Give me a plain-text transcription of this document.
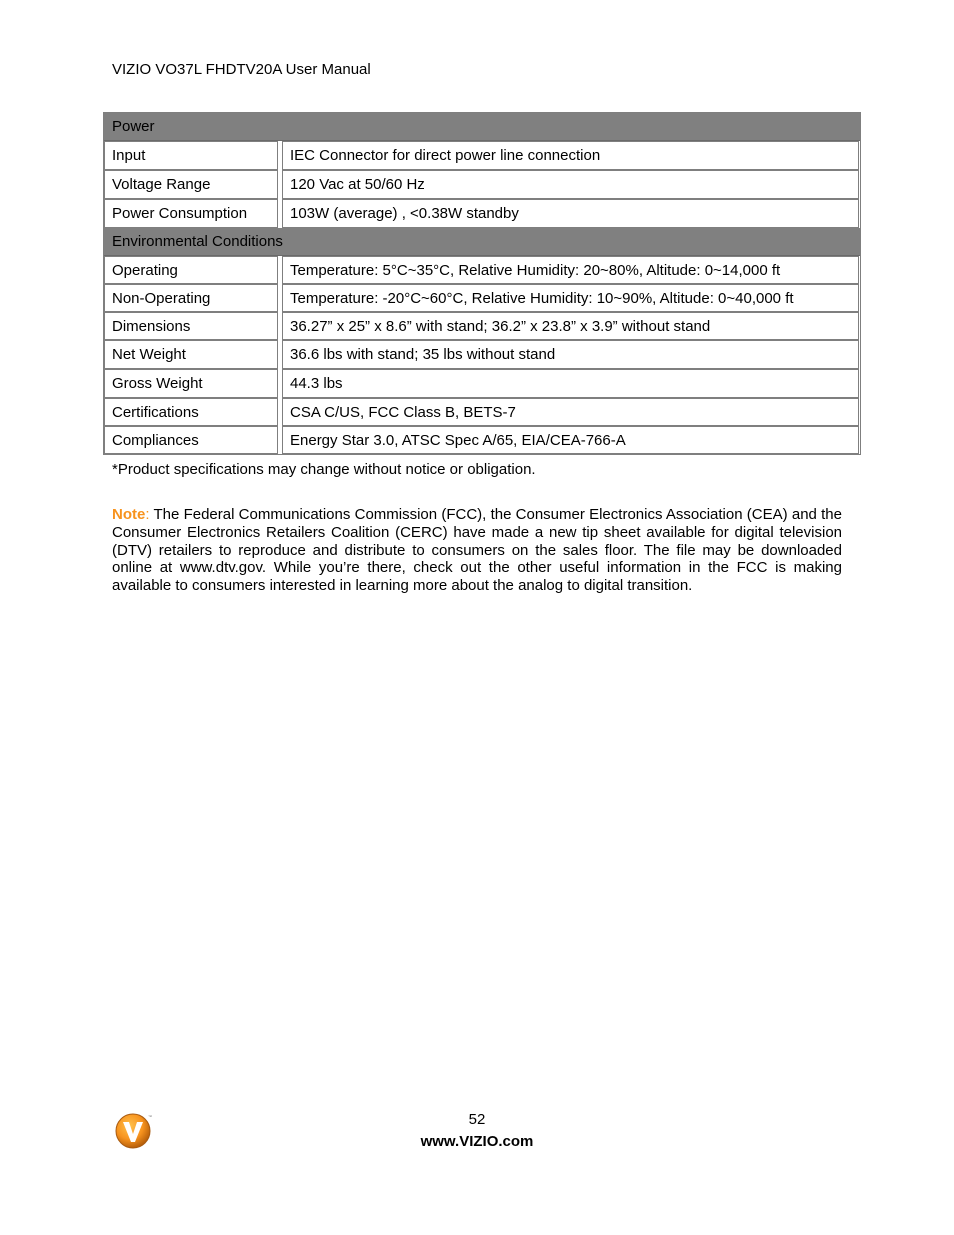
VIZIO VO37L FHDTV20A User Manual
Power
Input	IEC Connector for direct power line connection
Voltage Range	120 Vac at 50/60 Hz
Power Consumption	103W (average) , <0.38W standby
Environmental Conditions
Operating	Temperature: 5°C~35°C, Relative Humidity: 20~80%, Altitude: 0~14,000 ft
Non-Operating	Temperature: -20°C~60°C, Relative Humidity: 10~90%, Altitude: 0~40,000 ft
Dimensions	36.27” x 25” x 8.6” with stand; 36.2” x 23.8” x 3.9” without stand
Net Weight	36.6 lbs with stand; 35 lbs without stand
Gross Weight	44.3 lbs
Certifications	CSA C/US, FCC Class B, BETS-7
Compliances	Energy Star 3.0, ATSC Spec A/65, EIA/CEA-766-A
*Product specifications may change without notice or obligation.
Note: The Federal Communications Commission (FCC), the Consumer Electronics Association (CEA) and the Consumer Electronics Retailers Coalition (CERC) have made a new tip sheet available for digital television (DTV) retailers to reproduce and distribute to consumers on the sales floor. The file may be downloaded online at www.dtv.gov. While you’re there, check out the other useful information in the FCC is making available to consumers interested in learning more about the analog to digital transition.
™	52
www.VIZIO.com
